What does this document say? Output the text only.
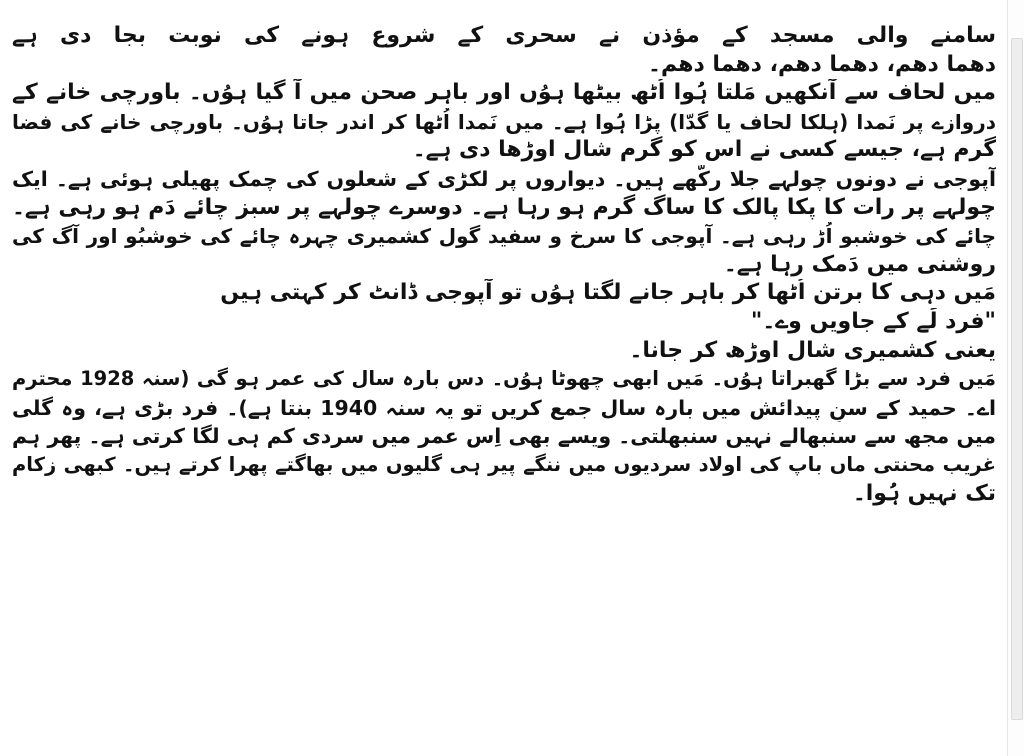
سامنے والی مسجد کے مؤذن نے سحری کے شروع ہونے کی نوبت بجا دی ہے
دھما دھم، دھما دھم، دھما دھم۔
میں لحاف سے آنکھیں مَلتا ہُوا اُٹھ بیٹھا ہوُں اور باہر صحن میں آ گیا ہوُں۔ باورچی خانے کے
دروازے پر نَمدا (ہلکا لحاف یا گدّا) پڑا ہُوا ہے۔ میں نَمدا اُٹھا کر اندر جاتا ہوُں۔ باورچی خانے کی فضا
گرم ہے، جیسے کسی نے اس کو گرم شال اوڑھا دی ہے۔
آپوجی نے دونوں چولہے جلا رکّھے ہیں۔ دیواروں پر لکڑی کے شعلوں کی چمک پھیلی ہوئی ہے۔ ایک
چولہے پر رات کا پکا پالک کا ساگ گرم ہو رہا ہے۔ دوسرے چولہے پر سبز چائے دَم ہو رہی ہے۔
چائے کی خوشبو اُڑ رہی ہے۔ آپوجی کا سرخ و سفید گول کشمیری چہرہ چائے کی خوشبُو اور آگ کی
روشنی میں دَمک رہا ہے۔
مَیں دہی کا برتن اُٹھا کر باہر جانے لگتا ہوُں تو آپوجی ڈانٹ کر کہتی ہیں
"فرد لَے کے جاویں وے۔"
یعنی کشمیری شال اوڑھ کر جانا۔
مَیں فرد سے بڑا گھبراتا ہوُں۔ مَیں ابھی چھوٹا ہوُں۔ دس بارہ سال کی عمر ہو گی (سنہ 1928 محترم
اے۔ حمید کے سنِ پیدائش میں بارہ سال جمع کریں تو یہ سنہ 1940 بنتا ہے)۔ فرد بڑی ہے، وہ گلی
میں مجھ سے سنبھالے نہیں سنبھلتی۔ ویسے بھی اِس عمر میں سردی کم ہی لگا کرتی ہے۔ پھر ہم
غریب محنتی ماں باپ کی اولاد سردیوں میں ننگے پیر ہی گلیوں میں بھاگتے پھرا کرتے ہیں۔ کبھی زکام
تک نہیں ہُوا۔
